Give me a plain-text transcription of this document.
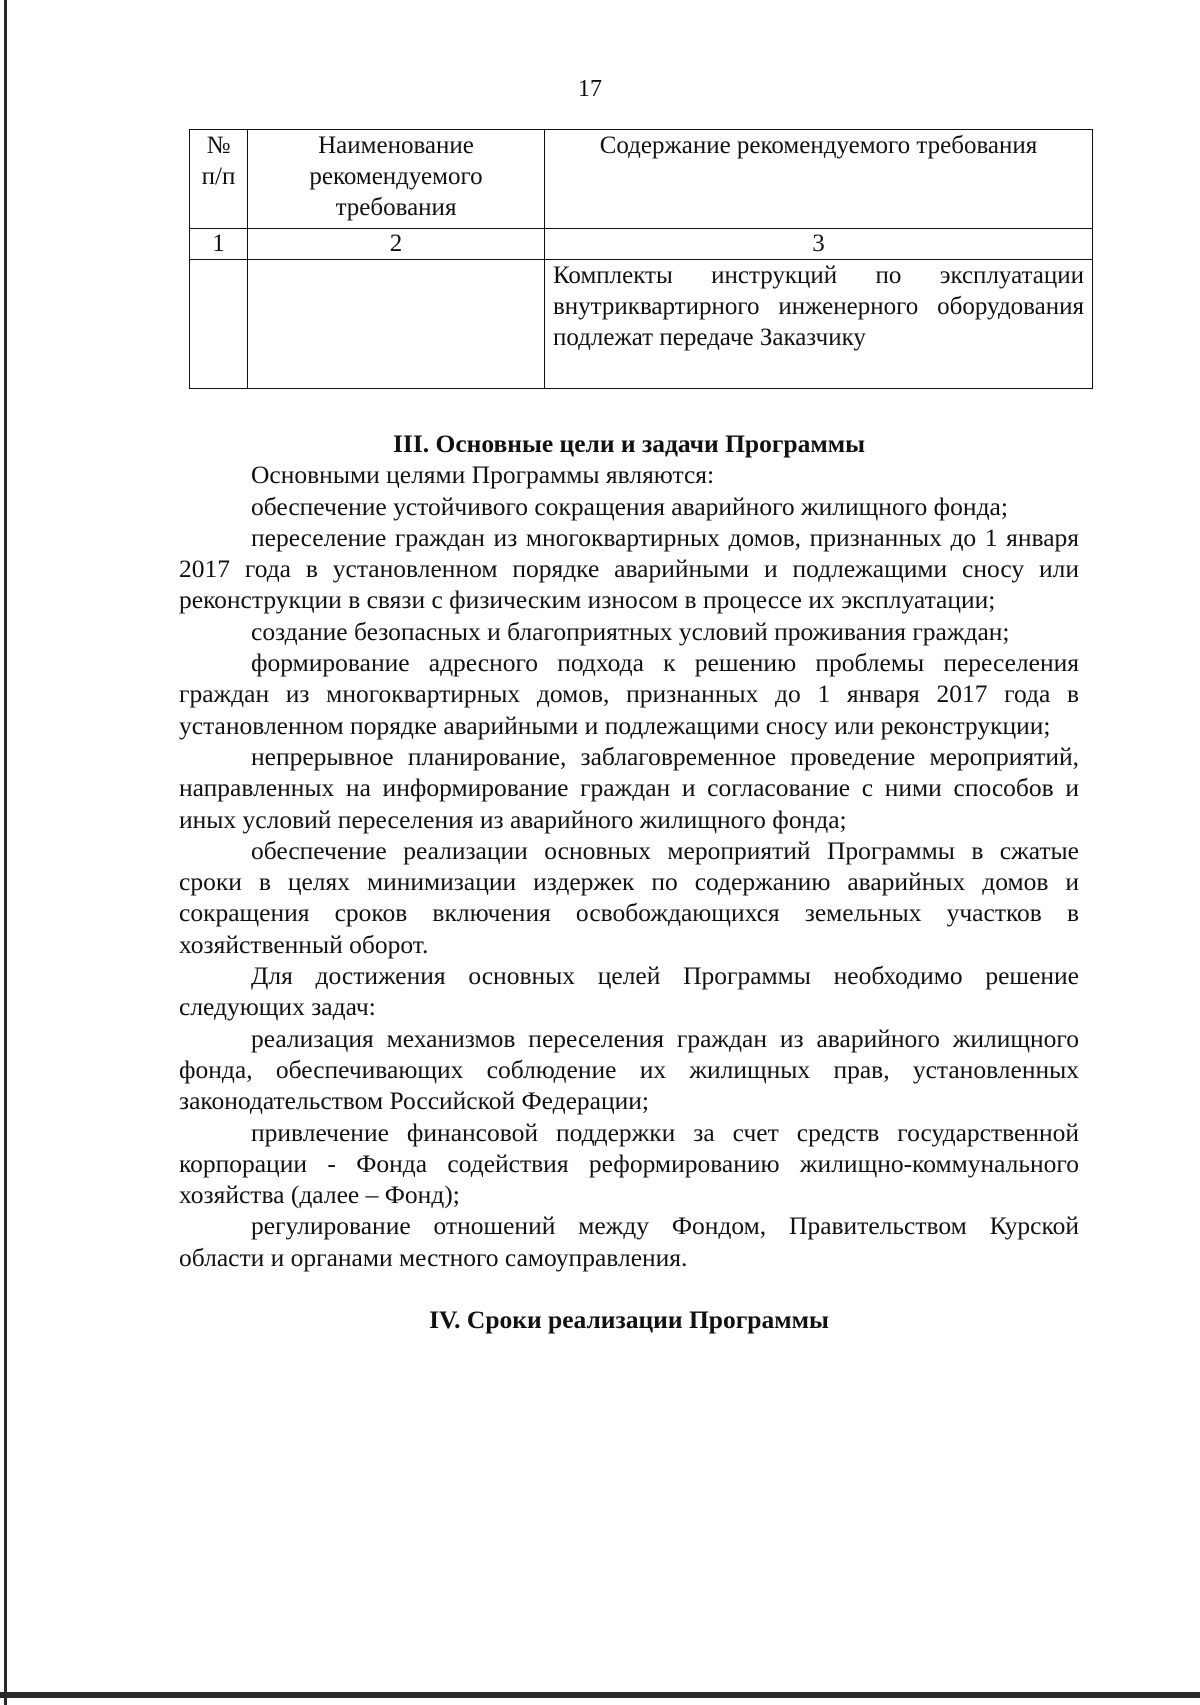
17
№ п/п	Наименование рекомендуемого требования	Содержание рекомендуемого требования
1	2	3
		Комплекты инструкций по эксплуатации внутриквартирного инженерного оборудования подлежат передаче Заказчику
III. Основные цели и задачи Программы

Основными целями Программы являются:

обеспечение устойчивого сокращения аварийного жилищного фонда;

переселение граждан из многоквартирных домов, признанных до 1 января 2017 года в установленном порядке аварийными и подлежащими сносу или реконструкции в связи с физическим износом в процессе их эксплуатации;

создание безопасных и благоприятных условий проживания граждан;

формирование адресного подхода к решению проблемы переселения граждан из многоквартирных домов, признанных до 1 января 2017 года в установленном порядке аварийными и подлежащими сносу или реконструкции;

непрерывное планирование, заблаговременное проведение мероприятий, направленных на информирование граждан и согласование с ними способов и иных условий переселения из аварийного жилищного фонда;

обеспечение реализации основных мероприятий Программы в сжатые сроки в целях минимизации издержек по содержанию аварийных домов и сокращения сроков включения освобождающихся земельных участков в хозяйственный оборот.

Для достижения основных целей Программы необходимо решение следующих задач:

реализация механизмов переселения граждан из аварийного жилищного фонда, обеспечивающих соблюдение их жилищных прав, установленных законодательством Российской Федерации;

привлечение финансовой поддержки за счет средств государственной корпорации - Фонда содействия реформированию жилищно-коммунального хозяйства (далее – Фонд);

регулирование отношений между Фондом, Правительством Курской области и органами местного самоуправления.

IV. Сроки реализации Программы
